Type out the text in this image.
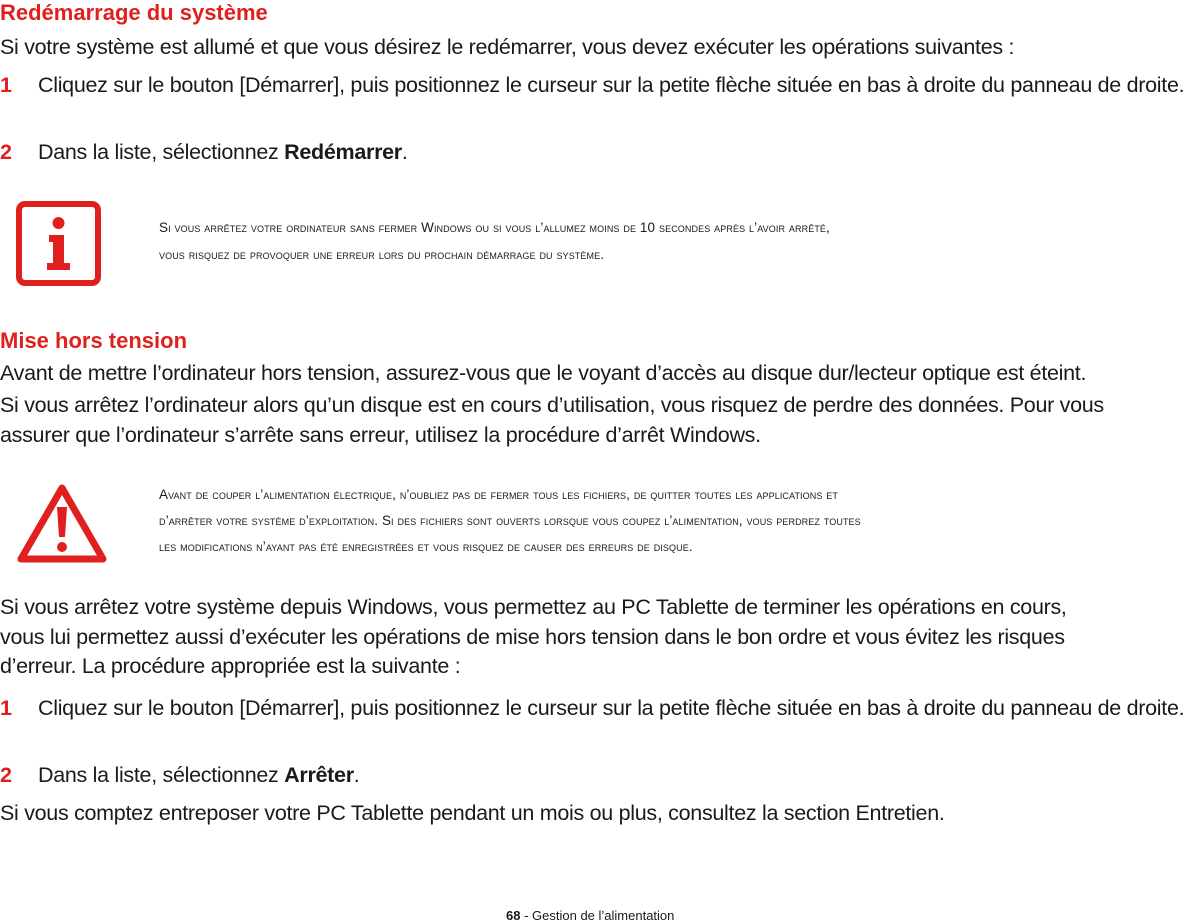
Redémarrage du système

Si votre système est allumé et que vous désirez le redémarrer, vous devez exécuter les opérations suivantes :

1	Cliquez sur le bouton [Démarrer], puis positionnez le curseur sur la petite flèche située en bas à droite du panneau de droite.
2	Dans la liste, sélectionnez Redémarrer.

Si vous arrêtez votre ordinateur sans fermer Windows ou si vous l’allumez moins de 10 secondes après l’avoir arrêté,

vous risquez de provoquer une erreur lors du prochain démarrage du système.

Mise hors tension

Avant de mettre l’ordinateur hors tension, assurez-vous que le voyant d’accès au disque dur/lecteur optique est éteint.

Si vous arrêtez l’ordinateur alors qu’un disque est en cours d’utilisation, vous risquez de perdre des données. Pour vous

assurer que l’ordinateur s’arrête sans erreur, utilisez la procédure d’arrêt Windows.

Avant de couper l’alimentation électrique, n’oubliez pas de fermer tous les fichiers, de quitter toutes les applications et

d’arrêter votre système d’exploitation. Si des fichiers sont ouverts lorsque vous coupez l’alimentation, vous perdrez toutes

les modifications n’ayant pas été enregistrées et vous risquez de causer des erreurs de disque.

Si vous arrêtez votre système depuis Windows, vous permettez au PC Tablette de terminer les opérations en cours,

vous lui permettez aussi d’exécuter les opérations de mise hors tension dans le bon ordre et vous évitez les risques

d’erreur. La procédure appropriée est la suivante :

1	Cliquez sur le bouton [Démarrer], puis positionnez le curseur sur la petite flèche située en bas à droite du panneau de droite.
2	Dans la liste, sélectionnez Arrêter.

Si vous comptez entreposer votre PC Tablette pendant un mois ou plus, consultez la section Entretien.

68 - Gestion de l’alimentation
